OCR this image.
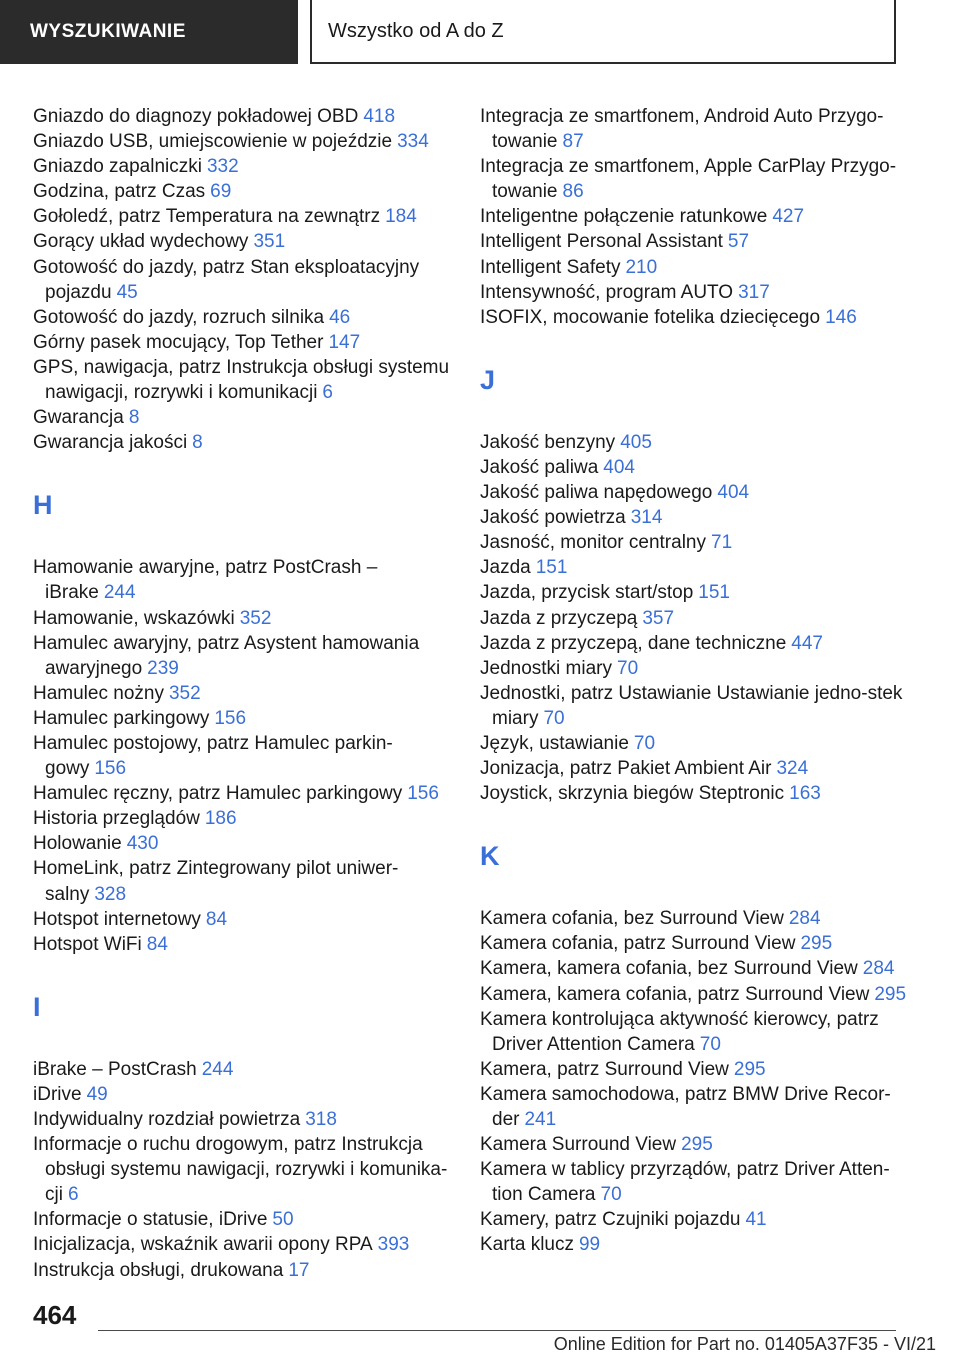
WYSZUKIWANIE	Wszystko od A do Z
Gniazdo do diagnozy pokładowej OBD 418
Gniazdo USB, umiejscowienie w pojeździe 334
Gniazdo zapalniczki 332
Godzina, patrz Czas 69
Gołoledź, patrz Temperatura na zewnątrz 184
Gorący układ wydechowy 351
Gotowość do jazdy, patrz Stan eksploatacyjny pojazdu 45
Gotowość do jazdy, rozruch silnika 46
Górny pasek mocujący, Top Tether 147
GPS, nawigacja, patrz Instrukcja obsługi systemu nawigacji, rozrywki i komunikacji 6
Gwarancja 8
Gwarancja jakości 8
H
Hamowanie awaryjne, patrz PostCrash – iBrake 244
Hamowanie, wskazówki 352
Hamulec awaryjny, patrz Asystent hamowania awaryjnego 239
Hamulec nożny 352
Hamulec parkingowy 156
Hamulec postojowy, patrz Hamulec parkin-gowy 156
Hamulec ręczny, patrz Hamulec parkingowy 156
Historia przeglądów 186
Holowanie 430
HomeLink, patrz Zintegrowany pilot uniwer-salny 328
Hotspot internetowy 84
Hotspot WiFi 84
I
iBrake – PostCrash 244
iDrive 49
Indywidualny rozdział powietrza 318
Informacje o ruchu drogowym, patrz Instrukcja obsługi systemu nawigacji, rozrywki i komunika-cji 6
Informacje o statusie, iDrive 50
Inicjalizacja, wskaźnik awarii opony RPA 393
Instrukcja obsługi, drukowana 17
Integracja ze smartfonem, Android Auto Przygo-towanie 87
Integracja ze smartfonem, Apple CarPlay Przygo-towanie 86
Inteligentne połączenie ratunkowe 427
Intelligent Personal Assistant 57
Intelligent Safety 210
Intensywność, program AUTO 317
ISOFIX, mocowanie fotelika dziecięcego 146
J
Jakość benzyny 405
Jakość paliwa 404
Jakość paliwa napędowego 404
Jakość powietrza 314
Jasność, monitor centralny 71
Jazda 151
Jazda, przycisk start/stop 151
Jazda z przyczepą 357
Jazda z przyczepą, dane techniczne 447
Jednostki miary 70
Jednostki, patrz Ustawianie Ustawianie jedno-stek miary 70
Język, ustawianie 70
Jonizacja, patrz Pakiet Ambient Air 324
Joystick, skrzynia biegów Steptronic 163
K
Kamera cofania, bez Surround View 284
Kamera cofania, patrz Surround View 295
Kamera, kamera cofania, bez Surround View 284
Kamera, kamera cofania, patrz Surround View 295
Kamera kontrolująca aktywność kierowcy, patrz Driver Attention Camera 70
Kamera, patrz Surround View 295
Kamera samochodowa, patrz BMW Drive Recor-der 241
Kamera Surround View 295
Kamera w tablicy przyrządów, patrz Driver Atten-tion Camera 70
Kamery, patrz Czujniki pojazdu 41
Karta klucz 99
464
Online Edition for Part no. 01405A37F35 - VI/21
